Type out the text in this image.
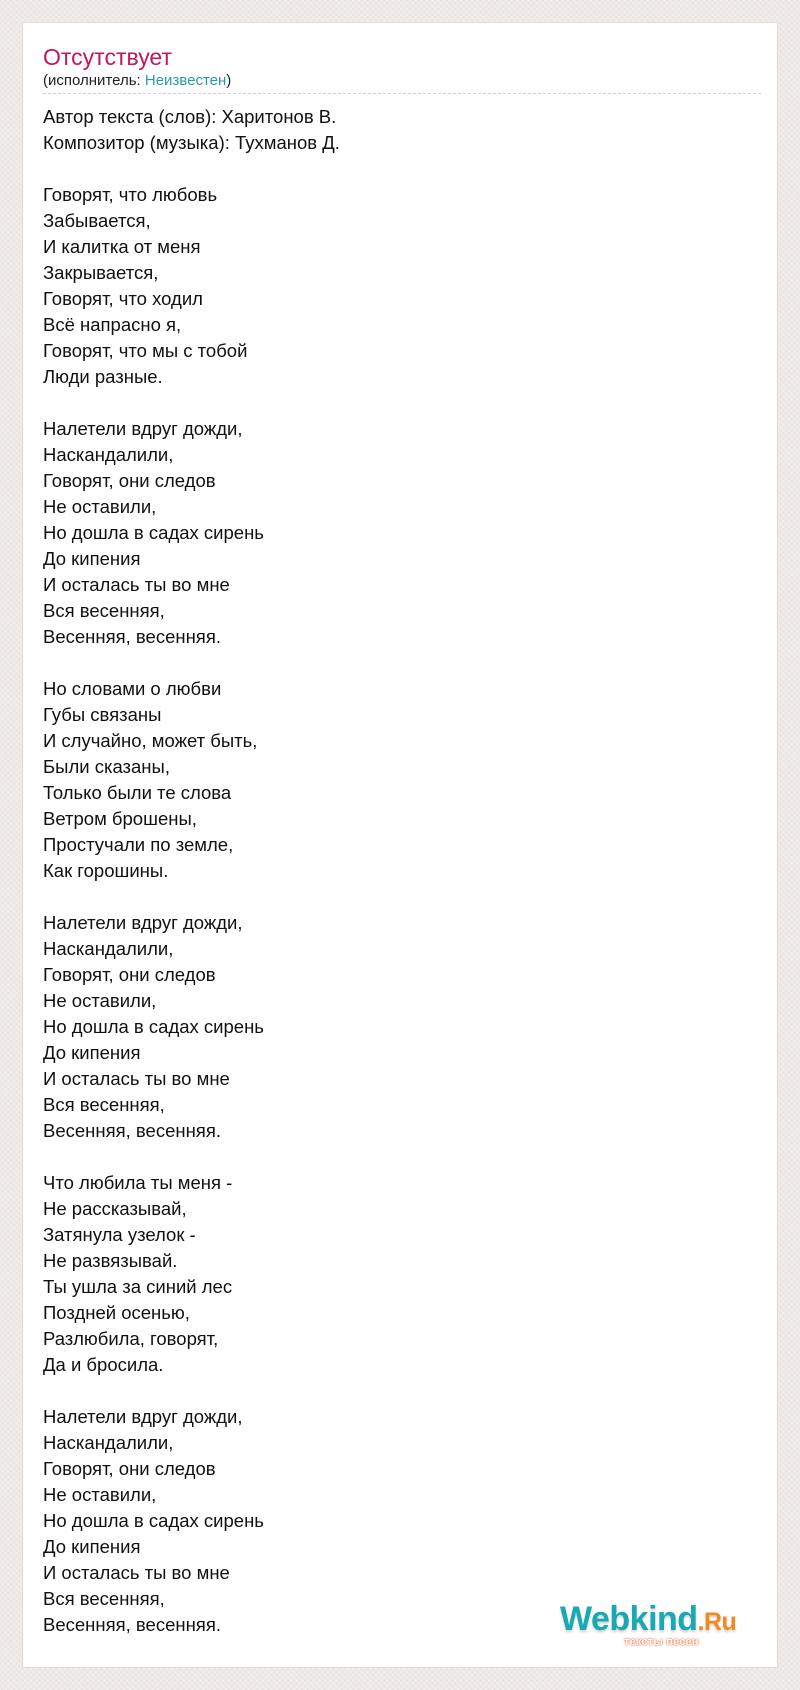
Отсутствует
(исполнитель: Неизвестен)
Автор текста (слов): Харитонов В.
Композитор (музыка): Тухманов Д.
Говорят, что любовь
Забывается,
И калитка от меня
Закрывается,
Говорят, что ходил
Всё напрасно я,
Говорят, что мы с тобой
Люди разные.
Налетели вдруг дожди,
Наскандалили,
Говорят, они следов
Не оставили,
Но дошла в садах сирень
До кипения
И осталась ты во мне
Вся весенняя,
Весенняя, весенняя.
Но словами о любви
Губы связаны
И случайно, может быть,
Были сказаны,
Только были те слова
Ветром брошены,
Простучали по земле,
Как горошины.
Налетели вдруг дожди,
Наскандалили,
Говорят, они следов
Не оставили,
Но дошла в садах сирень
До кипения
И осталась ты во мне
Вся весенняя,
Весенняя, весенняя.
Что любила ты меня -
Не рассказывай,
Затянула узелок -
Не развязывай.
Ты ушла за синий лес
Поздней осенью,
Разлюбила, говорят,
Да и бросила.
Налетели вдруг дожди,
Наскандалили,
Говорят, они следов
Не оставили,
Но дошла в садах сирень
До кипения
И осталась ты во мне
Вся весенняя,
Весенняя, весенняя.	Webkind.Ru
тексты песен
